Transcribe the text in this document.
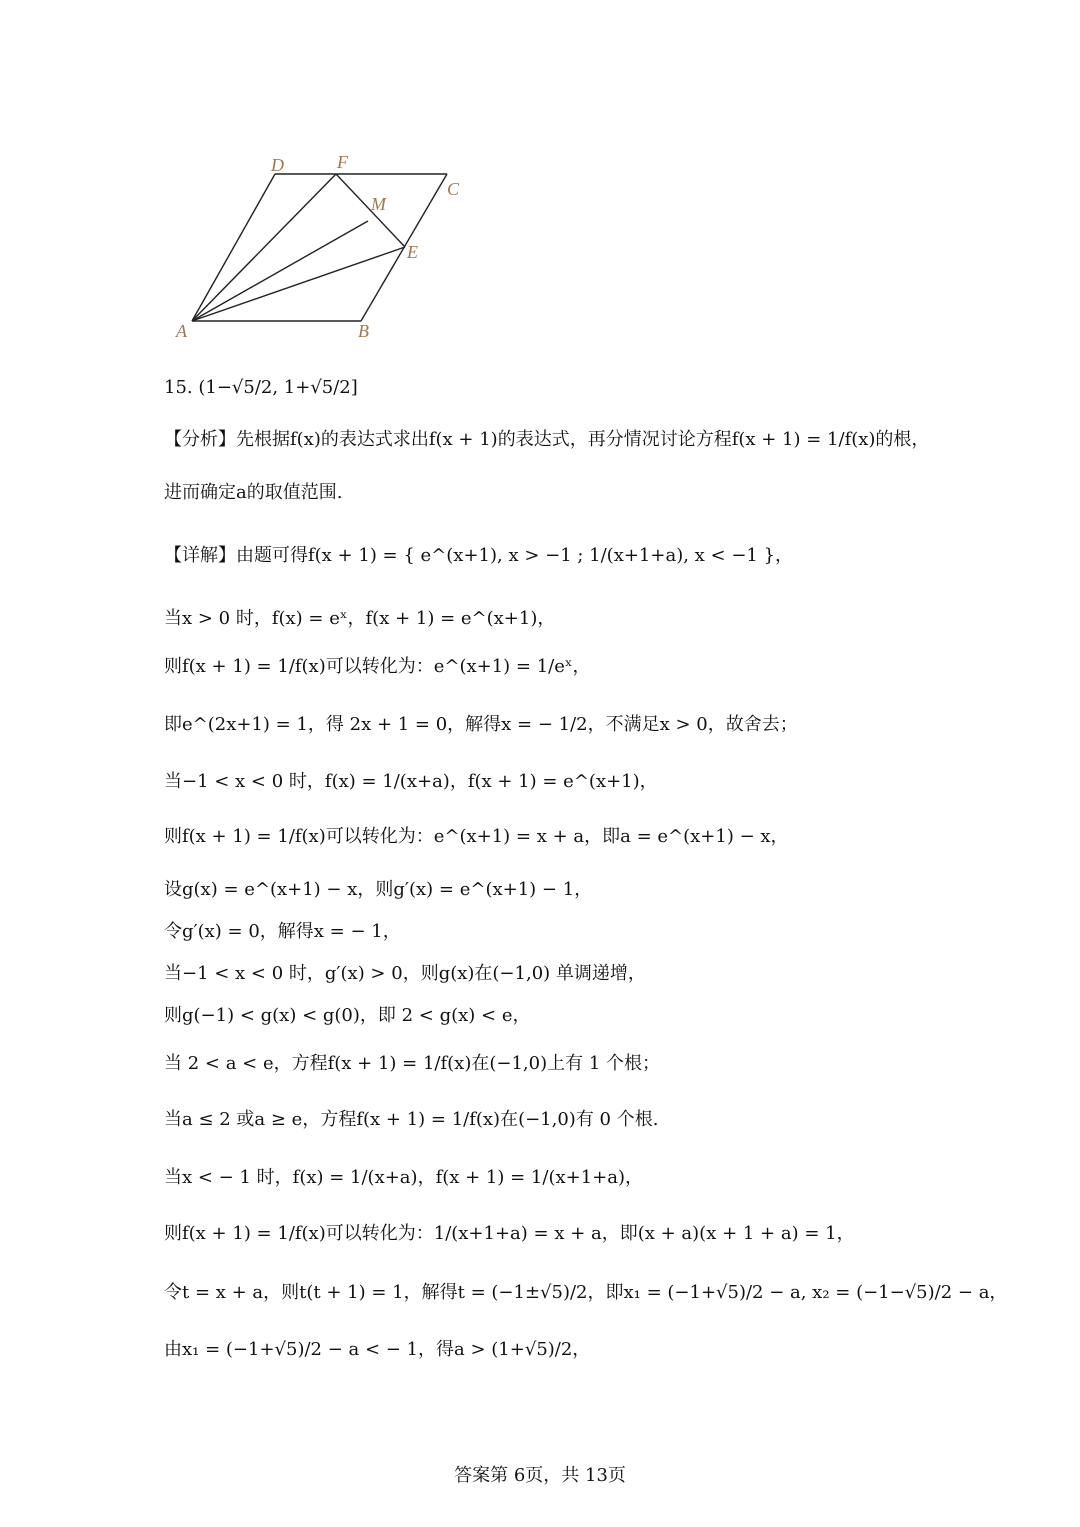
A	B
C
D	F
M
E
15. (1−√5/2, 1+√5/2]
【分析】先根据f(x)的表达式求出f(x + 1)的表达式，再分情况讨论方程f(x + 1) = 1/f(x)的根，
进而确定a的取值范围.
【详解】由题可得f(x + 1) = { e^(x+1), x > −1 ; 1/(x+1+a), x < −1 }，
当x > 0 时，f(x) = eˣ，f(x + 1) = e^(x+1)，
则f(x + 1) = 1/f(x)可以转化为：e^(x+1) = 1/eˣ，
即e^(2x+1) = 1，得 2x + 1 = 0，解得x = − 1/2，不满足x > 0，故舍去；
当−1 < x < 0 时，f(x) = 1/(x+a)，f(x + 1) = e^(x+1)，
则f(x + 1) = 1/f(x)可以转化为：e^(x+1) = x + a，即a = e^(x+1) − x，
设g(x) = e^(x+1) − x，则g′(x) = e^(x+1) − 1，
令g′(x) = 0，解得x = − 1，
当−1 < x < 0 时，g′(x) > 0，则g(x)在(−1,0) 单调递增，
则g(−1) < g(x) < g(0)，即 2 < g(x) < e，
当 2 < a < e，方程f(x + 1) = 1/f(x)在(−1,0)上有 1 个根；
当a ≤ 2 或a ≥ e，方程f(x + 1) = 1/f(x)在(−1,0)有 0 个根.
当x < − 1 时，f(x) = 1/(x+a)，f(x + 1) = 1/(x+1+a)，
则f(x + 1) = 1/f(x)可以转化为：1/(x+1+a) = x + a，即(x + a)(x + 1 + a) = 1，
令t = x + a，则t(t + 1) = 1，解得t = (−1±√5)/2，即x₁ = (−1+√5)/2 − a, x₂ = (−1−√5)/2 − a，
由x₁ = (−1+√5)/2 − a < − 1，得a > (1+√5)/2，
答案第 6页，共 13页
